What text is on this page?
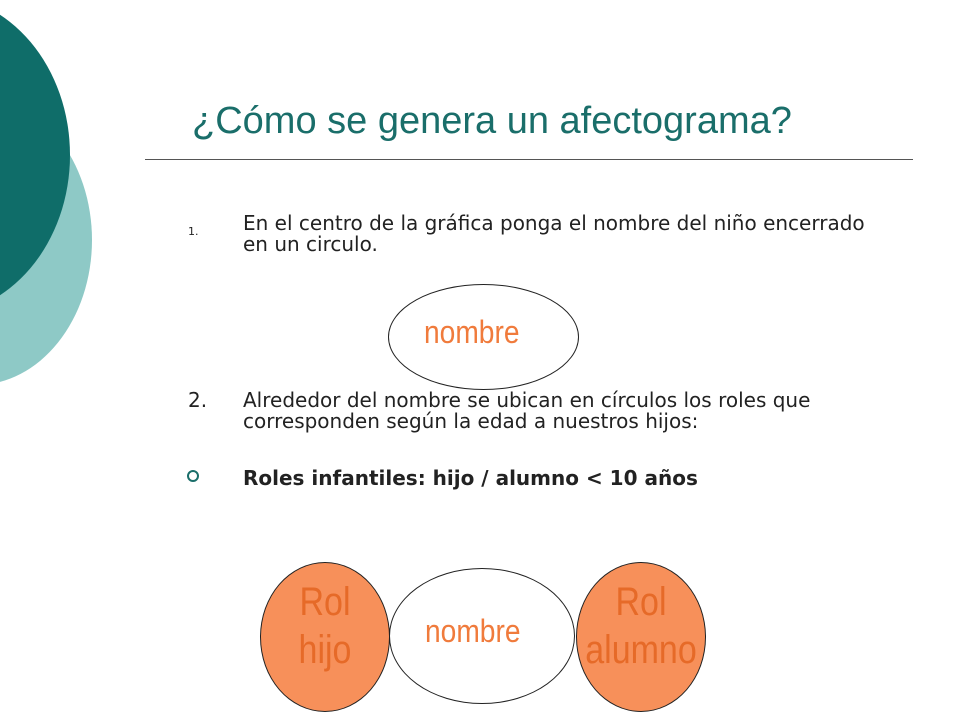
¿Cómo se genera un afectograma?
1. En el centro de la gráfica ponga el nombre del niño encerrado en un circulo.
nombre
2. Alrededor del nombre se ubican en círculos los roles que corresponden según la edad a nuestros hijos:
Roles infantiles: hijo / alumno < 10 años
nombre
Rol
hijo
Rol
alumno
